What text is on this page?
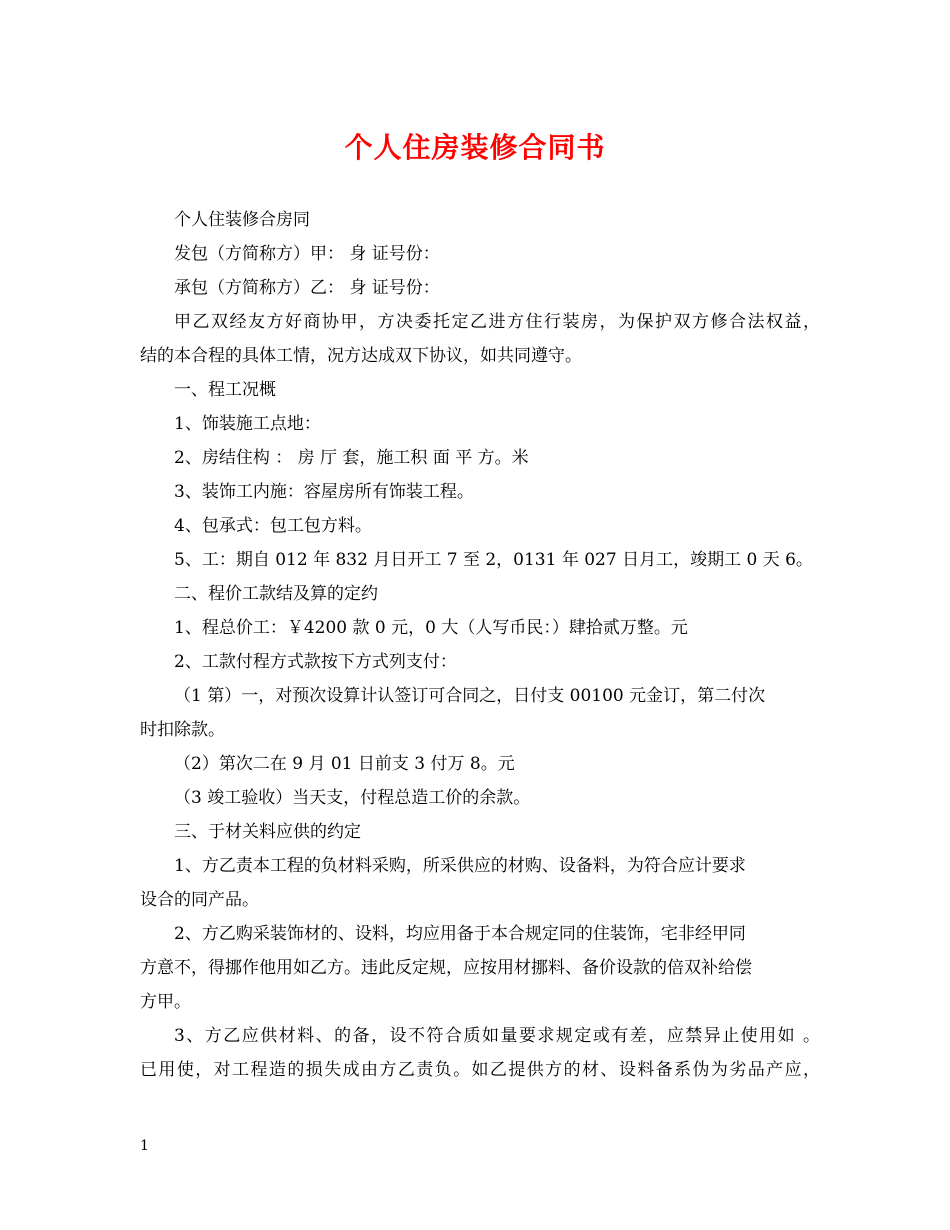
个人住房装修合同书
个人住装修合房同
发包（方简称方）甲： 身 证号份：
承包（方简称方）乙： 身 证号份：
甲乙双经友方好商协甲，方决委托定乙进方住行装房，为保护双方修合法权益，
结的本合程的具体工情，况方达成双下协议，如共同遵守。
一、程工况概
1、饰装施工点地：
2、房结住构 ： 房 厅 套，施工积 面 平 方。米
3、装饰工内施：容屋房所有饰装工程。
4、包承式：包工包方料。
5、工：期自 012 年 832 月日开工 7 至 2，0131 年 027 日月工，竣期工 0 天 6。
二、程价工款结及算的定约
1、程总价工：￥4200 款 0 元，0 大（人写币民：）肆拾贰万整。元
2、工款付程方式款按下方式列支付：
（1 第）一，对预次设算计认签订可合同之，日付支 00100 元金订，第二付次
时扣除款。
（2）第次二在 9 月 01 日前支 3 付万 8。元
（3 竣工验收）当天支，付程总造工价的余款。
三、于材关料应供的约定
1、方乙责本工程的负材料采购，所采供应的材购、设备料，为符合应计要求
设合的同产品。
2、方乙购采装饰材的、设料，均应用备于本合规定同的住装饰，宅非经甲同
方意不，得挪作他用如乙方。违此反定规，应按用材挪料、备价设款的倍双补给偿
方甲。
3、方乙应供材料、的备，设不符合质如量要求规定或有差，应禁异止使用如 。
已用使，对工程造的损失成由方乙责负。如乙提供方的材、设料备系伪为劣品产应，
1
